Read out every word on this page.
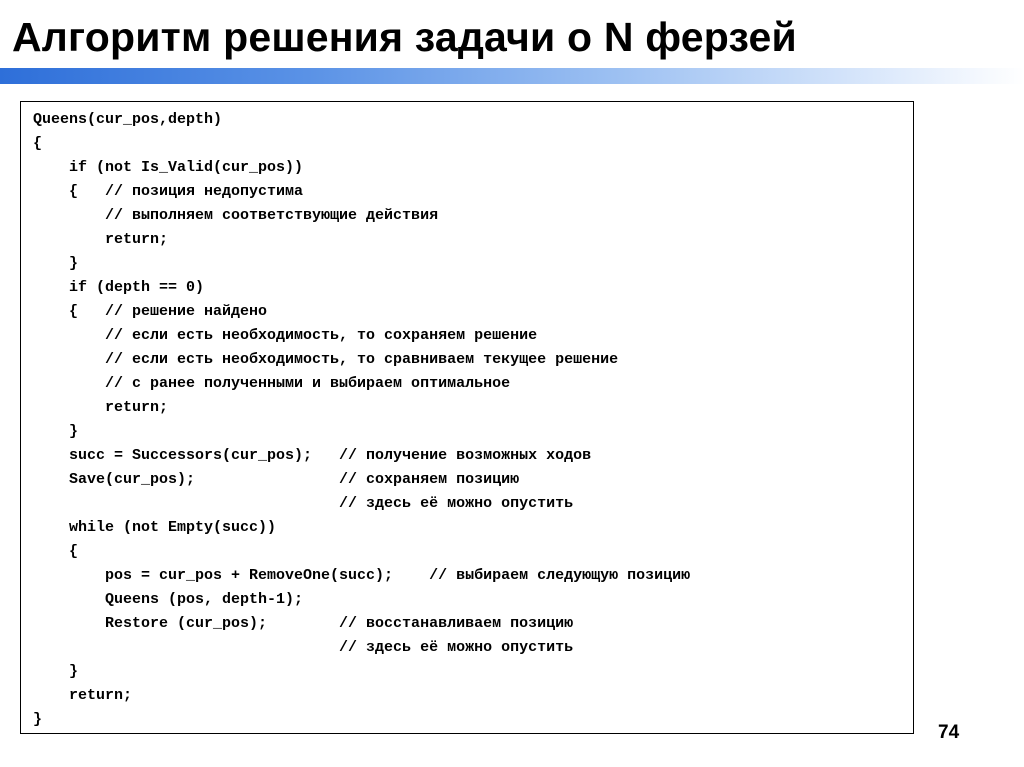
Алгоритм решения задачи о N ферзей
Queens(cur_pos,depth)
{
if (not Is_Valid(cur_pos))
{   // позиция недопустима
// выполняем соответствующие действия
return;
}
if (depth == 0)
{   // решение найдено
// если есть необходимость, то сохраняем решение
// если есть необходимость, то сравниваем текущее решение
// с ранее полученными и выбираем оптимальное
return;
}
succ = Successors(cur_pos);   // получение возможных ходов
Save(cur_pos);                // сохраняем позицию
// здесь её можно опустить
while (not Empty(succ))
{
pos = cur_pos + RemoveOne(succ);    // выбираем следующую позицию
Queens (pos, depth-1);
Restore (cur_pos);        // восстанавливаем позицию
// здесь её можно опустить
}
return;
}
74
